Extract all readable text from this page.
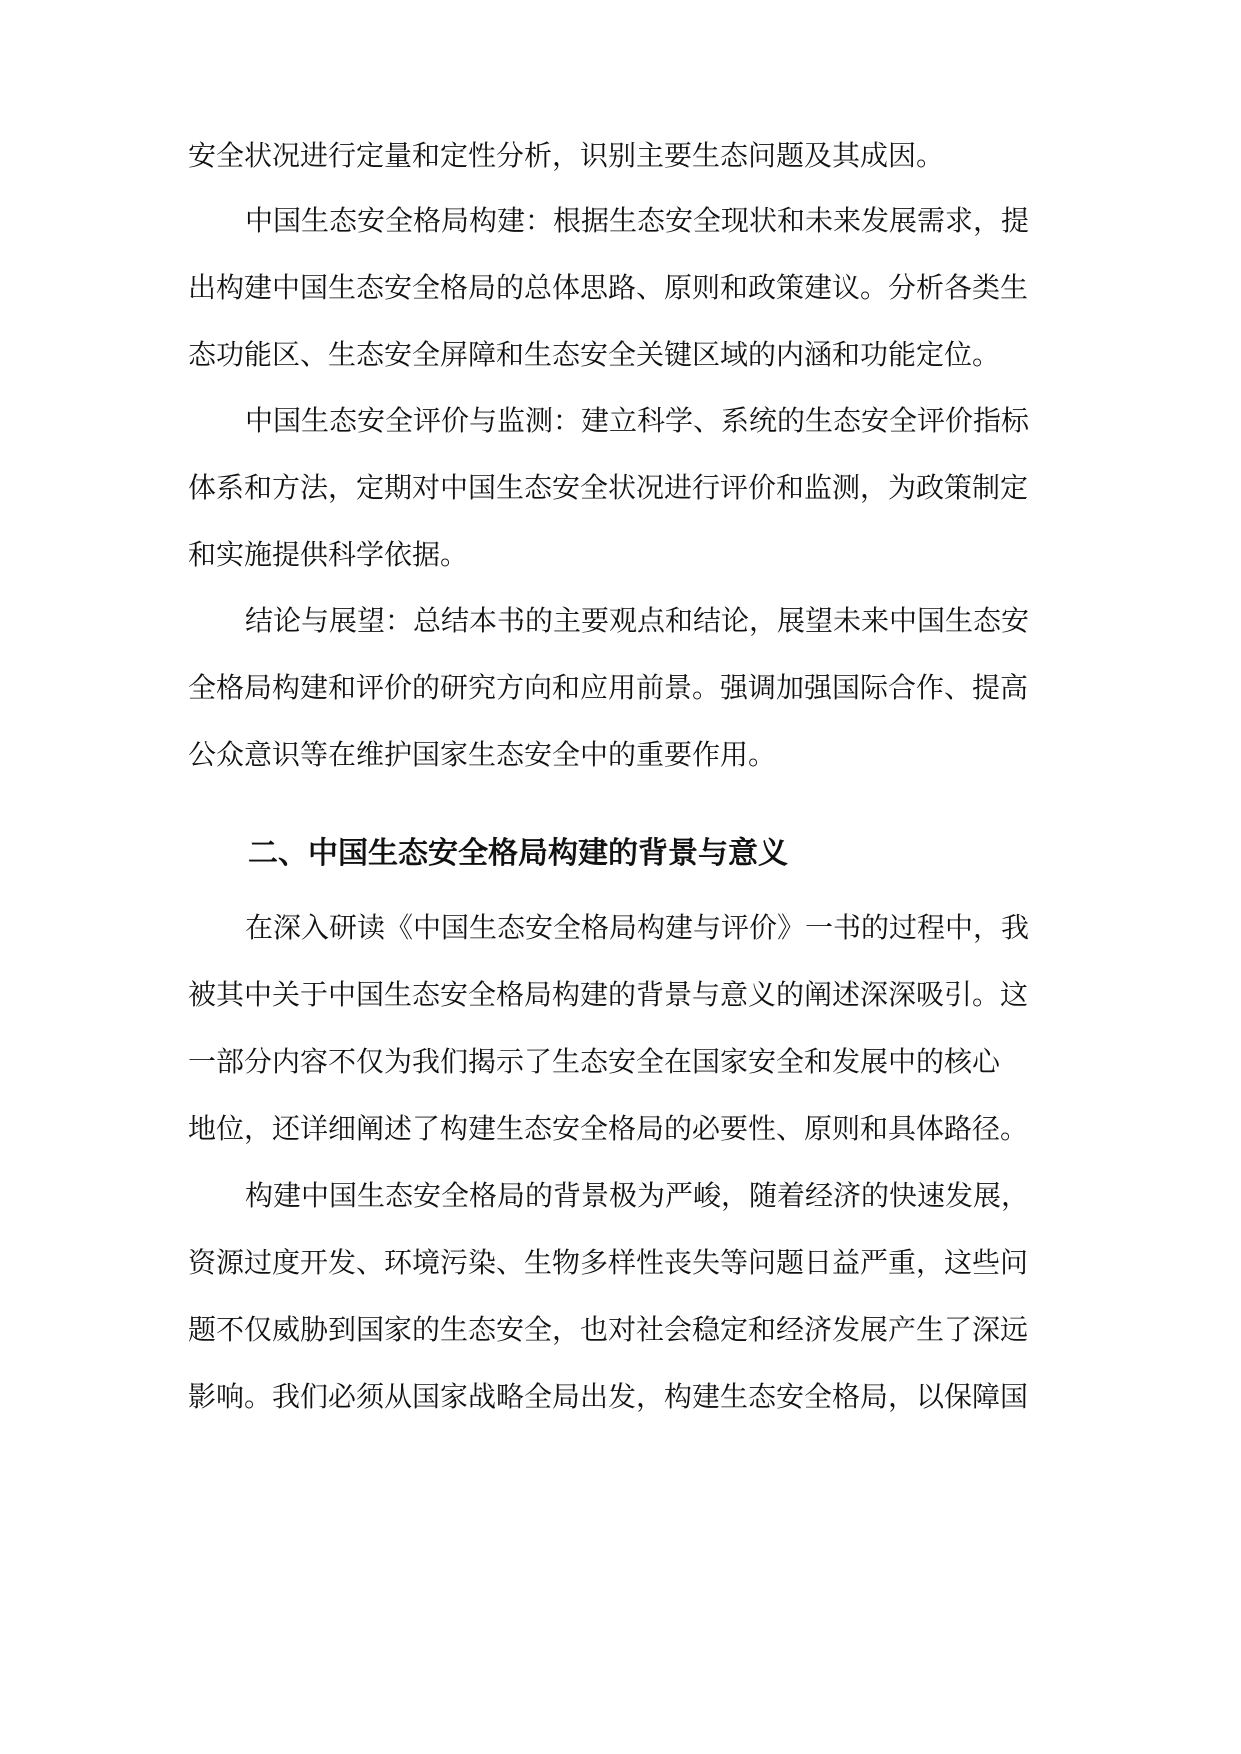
安全状况进行定量和定性分析，识别主要生态问题及其成因。
中国生态安全格局构建：根据生态安全现状和未来发展需求，提
出构建中国生态安全格局的总体思路、原则和政策建议。分析各类生
态功能区、生态安全屏障和生态安全关键区域的内涵和功能定位。
中国生态安全评价与监测：建立科学、系统的生态安全评价指标
体系和方法，定期对中国生态安全状况进行评价和监测，为政策制定
和实施提供科学依据。
结论与展望：总结本书的主要观点和结论，展望未来中国生态安
全格局构建和评价的研究方向和应用前景。强调加强国际合作、提高
公众意识等在维护国家生态安全中的重要作用。
二、中国生态安全格局构建的背景与意义
在深入研读《中国生态安全格局构建与评价》一书的过程中，我
被其中关于中国生态安全格局构建的背景与意义的阐述深深吸引。这
一部分内容不仅为我们揭示了生态安全在国家安全和发展中的核心
地位，还详细阐述了构建生态安全格局的必要性、原则和具体路径。
构建中国生态安全格局的背景极为严峻，随着经济的快速发展，
资源过度开发、环境污染、生物多样性丧失等问题日益严重，这些问
题不仅威胁到国家的生态安全，也对社会稳定和经济发展产生了深远
影响。我们必须从国家战略全局出发，构建生态安全格局，以保障国
